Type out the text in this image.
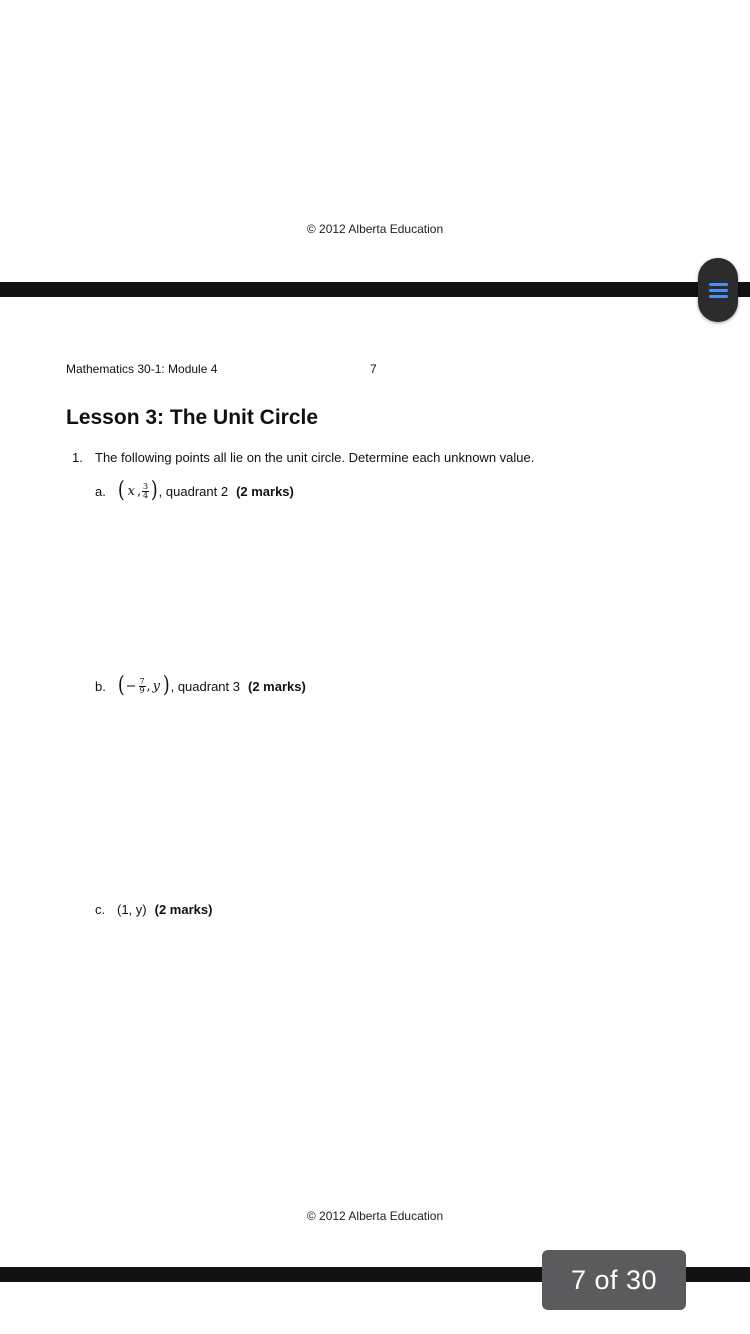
© 2012 Alberta Education
Mathematics 30-1: Module 4	7
Lesson 3: The Unit Circle
1. The following points all lie on the unit circle. Determine each unknown value.
a. ( x , $\frac{3}{4}$ ) , quadrant 2 (2 marks)
b. ( − $\frac{7}{9}$ , y ) , quadrant 3 (2 marks)
c. (1, y) (2 marks)
© 2012 Alberta Education
7 of 30
